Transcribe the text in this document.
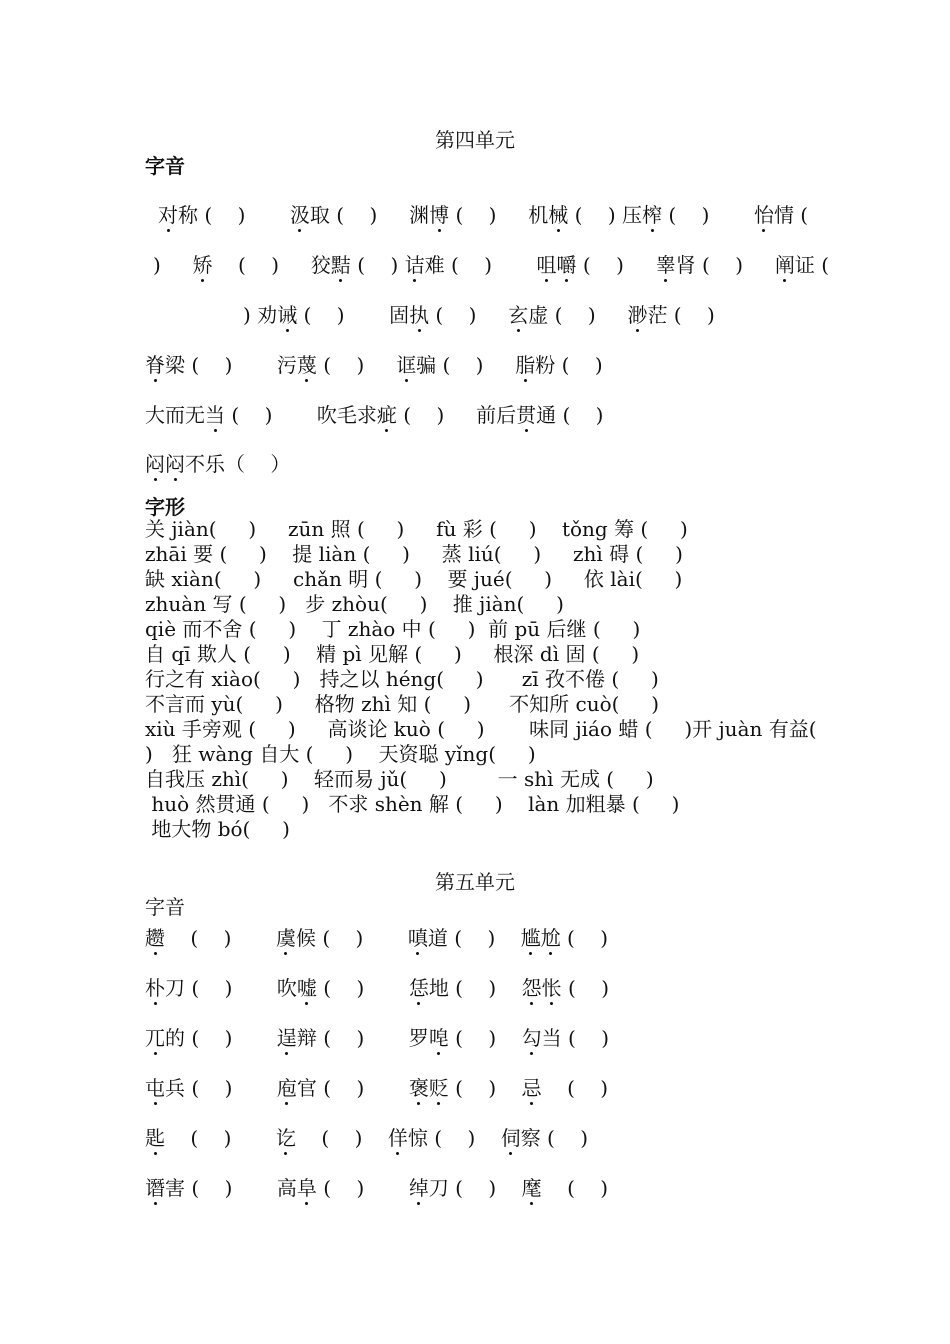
第四单元
字音
对称 (    )       汲取 (    )     渊博 (    )     机械 (    ) 压榨 (    )       怡情 (
)     矫    (    )     狡黠 (    ) 诘难 (    )       咀嚼 (    )     睾肾 (    )     阐证 (
) 劝诫 (    )       固执 (    )     玄虚 (    )     渺茫 (    )
脊梁 (    )       污蔑 (    )     诓骗 (    )     脂粉 (    )
大而无当 (    )       吹毛求疵 (    )     前后贯通 (    )
闷闷不乐（    ）
字形
关 jiàn(     )     zūn 照 (     )     fù 彩 (     )    tǒng 筹 (     )
zhāi 要 (     )    提 liàn (     )     蒸 liú(     )     zhì 碍 (     )
缺 xiàn(     )     chǎn 明 (     )    要 jué(     )     依 lài(     )
zhuàn 写 (     )   步 zhòu(     )    推 jiàn(     )
qiè 而不舍 (     )    丁 zhào 中 (     )  前 pū 后继 (     )
自 qī 欺人 (     )    精 pì 见解 (     )     根深 dì 固 (     )
行之有 xiào(     )   持之以 héng(     )      zī 孜不倦 (     )
不言而 yù(     )     格物 zhì 知 (     )      不知所 cuò(     )
xiù 手旁观 (     )     高谈论 kuò (     )       味同 jiáo 蜡 (     )开 juàn 有益(
)   狂 wàng 自大 (     )    天资聪 yǐng(     )
自我压 zhì(     )    轻而易 jǔ(     )        一 shì 无成 (     )
huò 然贯通 (     )   不求 shèn 解 (     )    làn 加粗暴 (     )
地大物 bó(     )
第五单元
字音
趱    (    )       虞候 (    )       嗔道 (    )    尴尬 (    )
朴刀 (    )       吹嘘 (    )       恁地 (    )    怨怅 (    )
兀的 (    )       逞辩 (    )       罗唣 (    )    勾当 (    )
屯兵 (    )       庖官 (    )       褒贬 (    )    忌    (    )
匙    (    )       讫    (    )    佯惊 (    )    伺察 (    )
谮害 (    )       高阜 (    )       绰刀 (    )    麾    (    )
